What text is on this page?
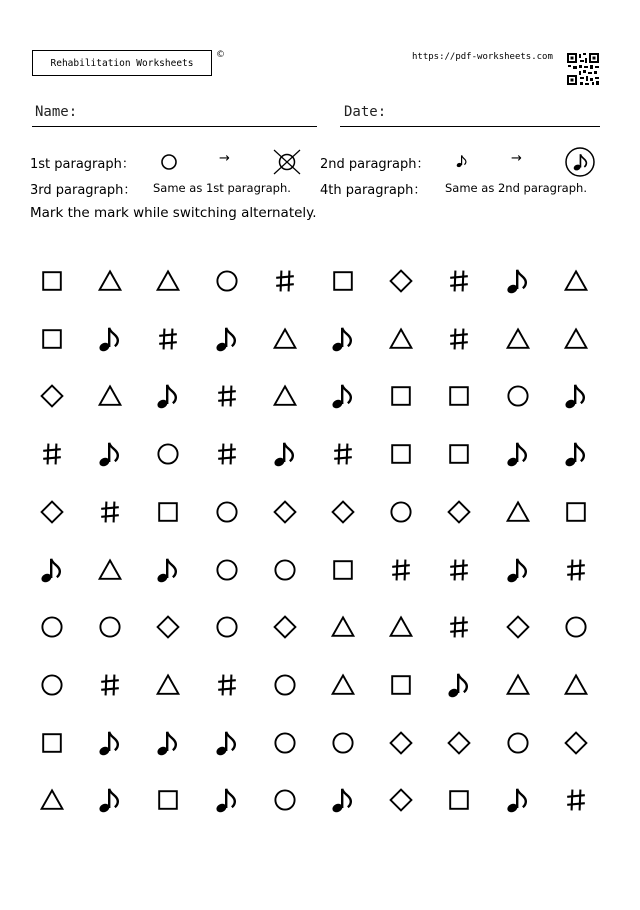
Rehabilitation Worksheets
©	https://pdf-worksheets.com
Name:	Date:
1st paragraph：	→	2nd paragraph：	→
3rd paragraph： Same as 1st paragraph. 4th paragraph： Same as 2nd paragraph.
Mark the mark while switching alternately.
